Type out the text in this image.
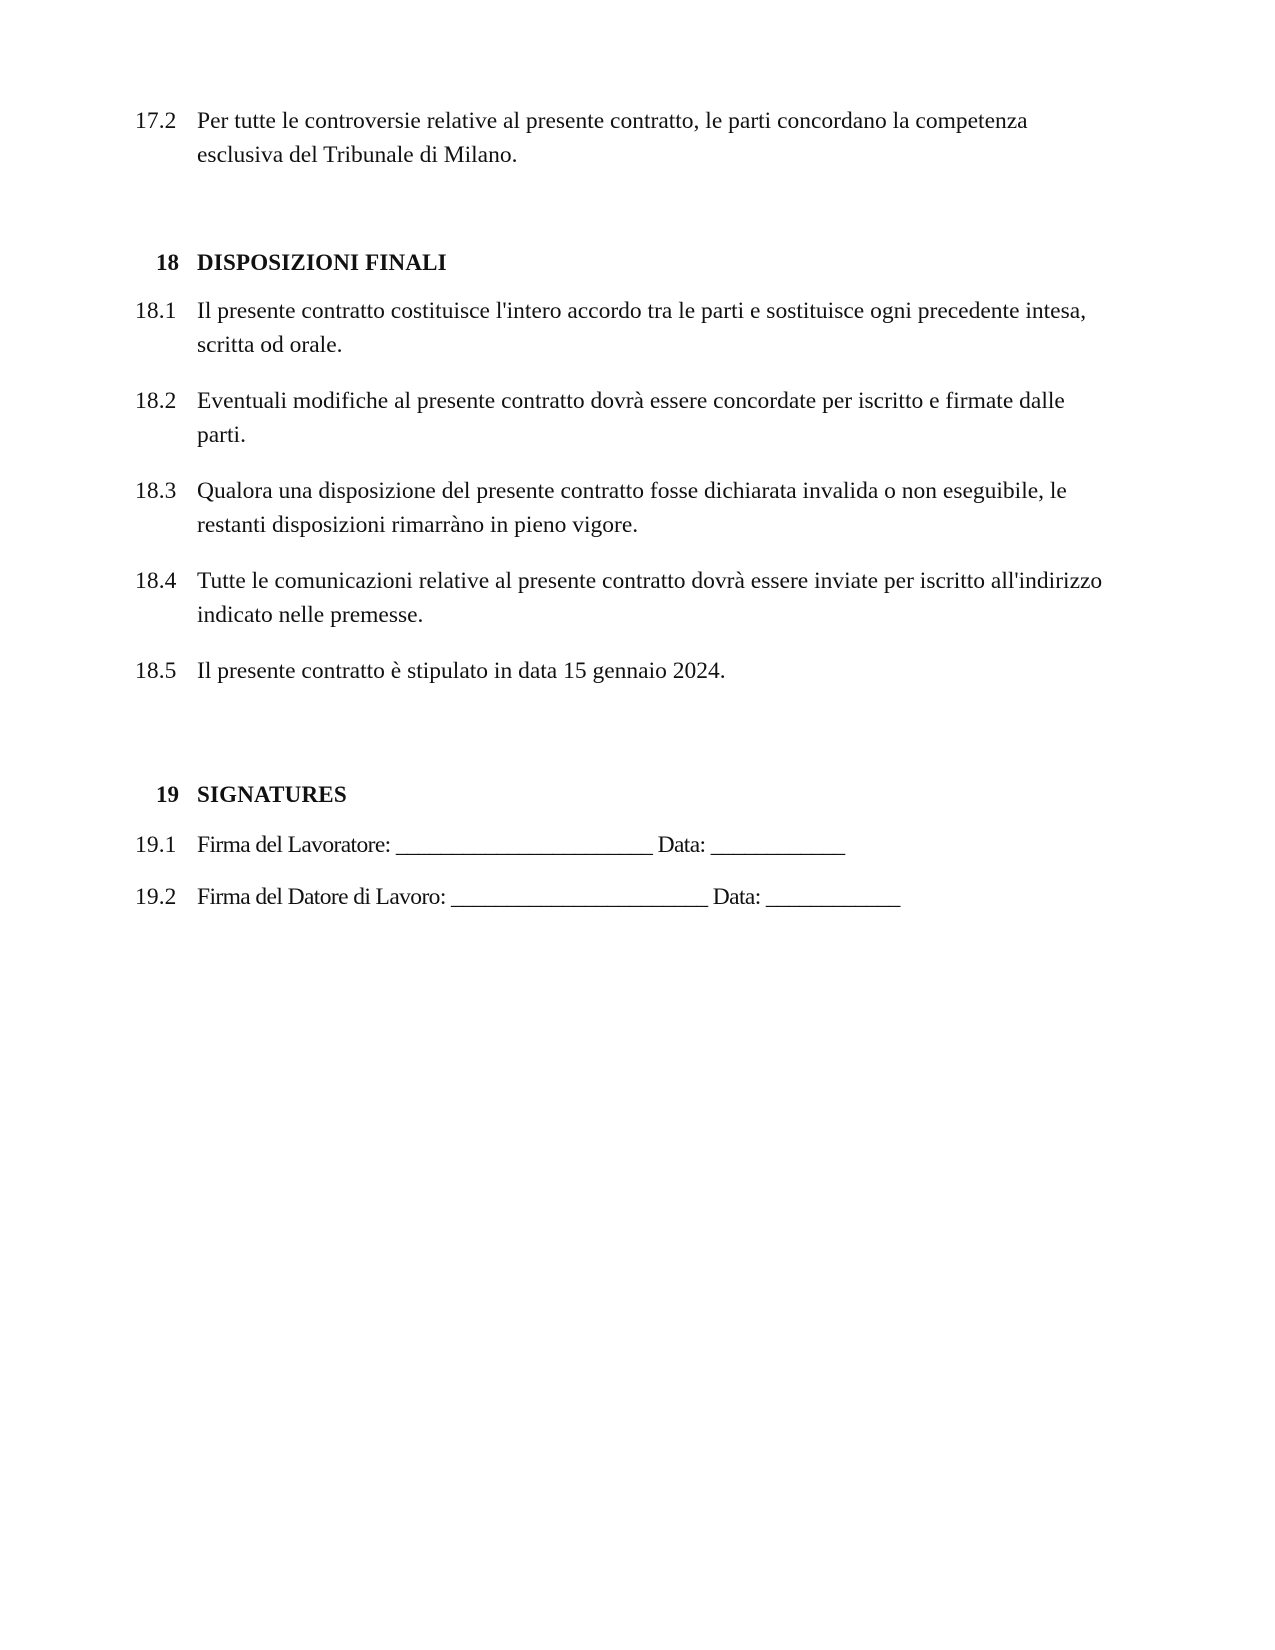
17.2 Per tutte le controversie relative al presente contratto, le parti concordano la competenza esclusiva del Tribunale di Milano.
18 DISPOSIZIONI FINALI
18.1 Il presente contratto costituisce l'intero accordo tra le parti e sostituisce ogni precedente intesa, scritta od orale.
18.2 Eventuali modifiche al presente contratto dovrà essere concordate per iscritto e firmate dalle parti.
18.3 Qualora una disposizione del presente contratto fosse dichiarata invalida o non eseguibile, le restanti disposizioni rimarràno in pieno vigore.
18.4 Tutte le comunicazioni relative al presente contratto dovrà essere inviate per iscritto all'indirizzo indicato nelle premesse.
18.5 Il presente contratto è stipulato in data 15 gennaio 2024.
19 SIGNATURES
19.1 Firma del Lavoratore: _______________________ Data: ____________
19.2 Firma del Datore di Lavoro: _______________________ Data: ____________
